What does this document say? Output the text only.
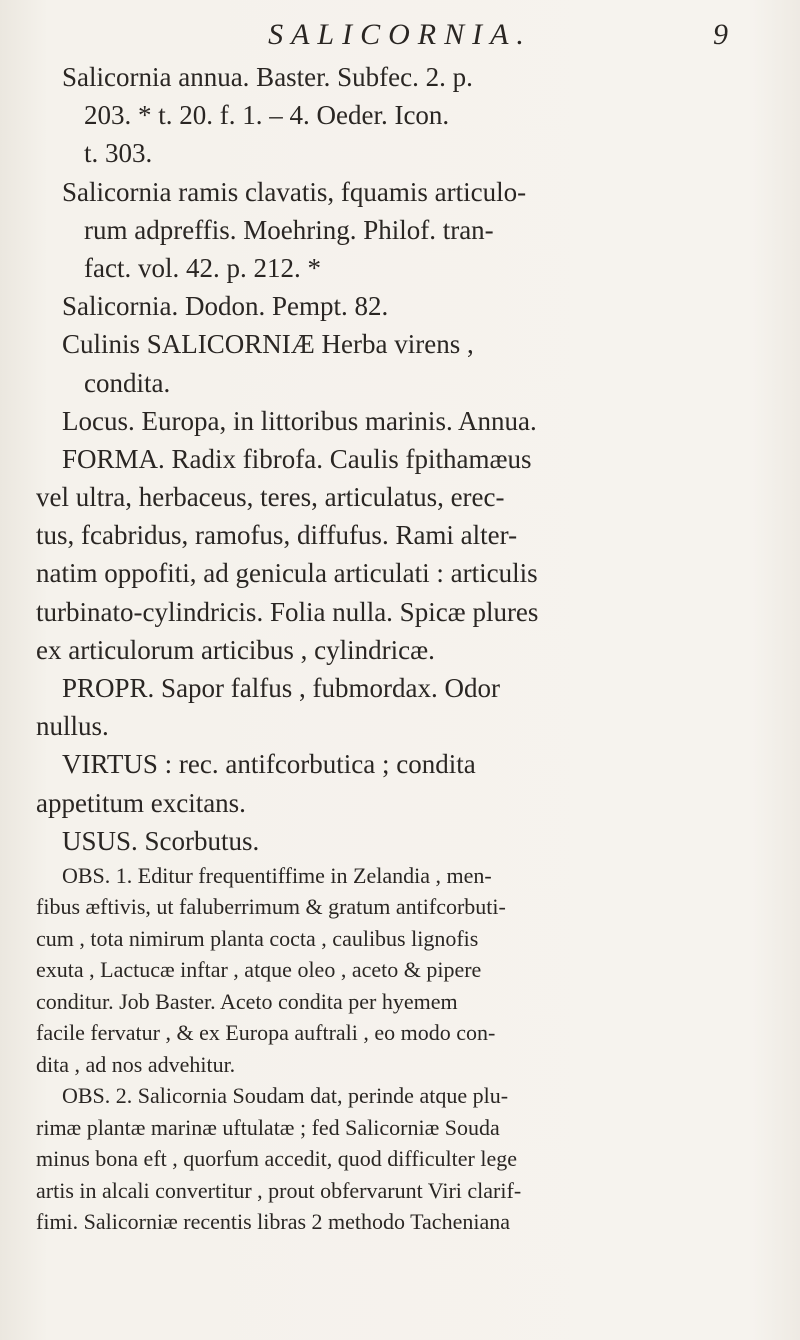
SALICORNIA.	9
Salicornia annua. Baster. Subfec. 2. p.
203. * t. 20. f. 1. – 4. Oeder. Icon.
t. 303.
Salicornia ramis clavatis, fquamis articulo-
rum adpreffis. Moehring. Philof. tran-
fact. vol. 42. p. 212. *
Salicornia. Dodon. Pempt. 82.
Culinis SALICORNIÆ Herba virens ,
condita.
Locus. Europa, in littoribus marinis. Annua.
FORMA. Radix fibrofa. Caulis fpithamæus
vel ultra, herbaceus, teres, articulatus, erec-
tus, fcabridus, ramofus, diffufus. Rami alter-
natim oppofiti, ad genicula articulati : articulis
turbinato-cylindricis. Folia nulla. Spicæ plures
ex articulorum articibus , cylindricæ.
PROPR. Sapor falfus , fubmordax. Odor
nullus.
VIRTUS : rec. antifcorbutica ; condita
appetitum excitans.
USUS. Scorbutus.
OBS. 1. Editur frequentiffime in Zelandia , men-
fibus æftivis, ut faluberrimum & gratum antifcorbuti-
cum , tota nimirum planta cocta , caulibus lignofis
exuta , Lactucæ inftar , atque oleo , aceto & pipere
conditur. Job Baster. Aceto condita per hyemem
facile fervatur , & ex Europa auftrali , eo modo con-
dita , ad nos advehitur.
OBS. 2. Salicornia Soudam dat, perinde atque plu-
rimæ plantæ marinæ uftulatæ ; fed Salicorniæ Souda
minus bona eft , quorfum accedit, quod difficulter lege
artis in alcali convertitur , prout obfervarunt Viri clarif-
fimi. Salicorniæ recentis libras 2 methodo Tacheniana
